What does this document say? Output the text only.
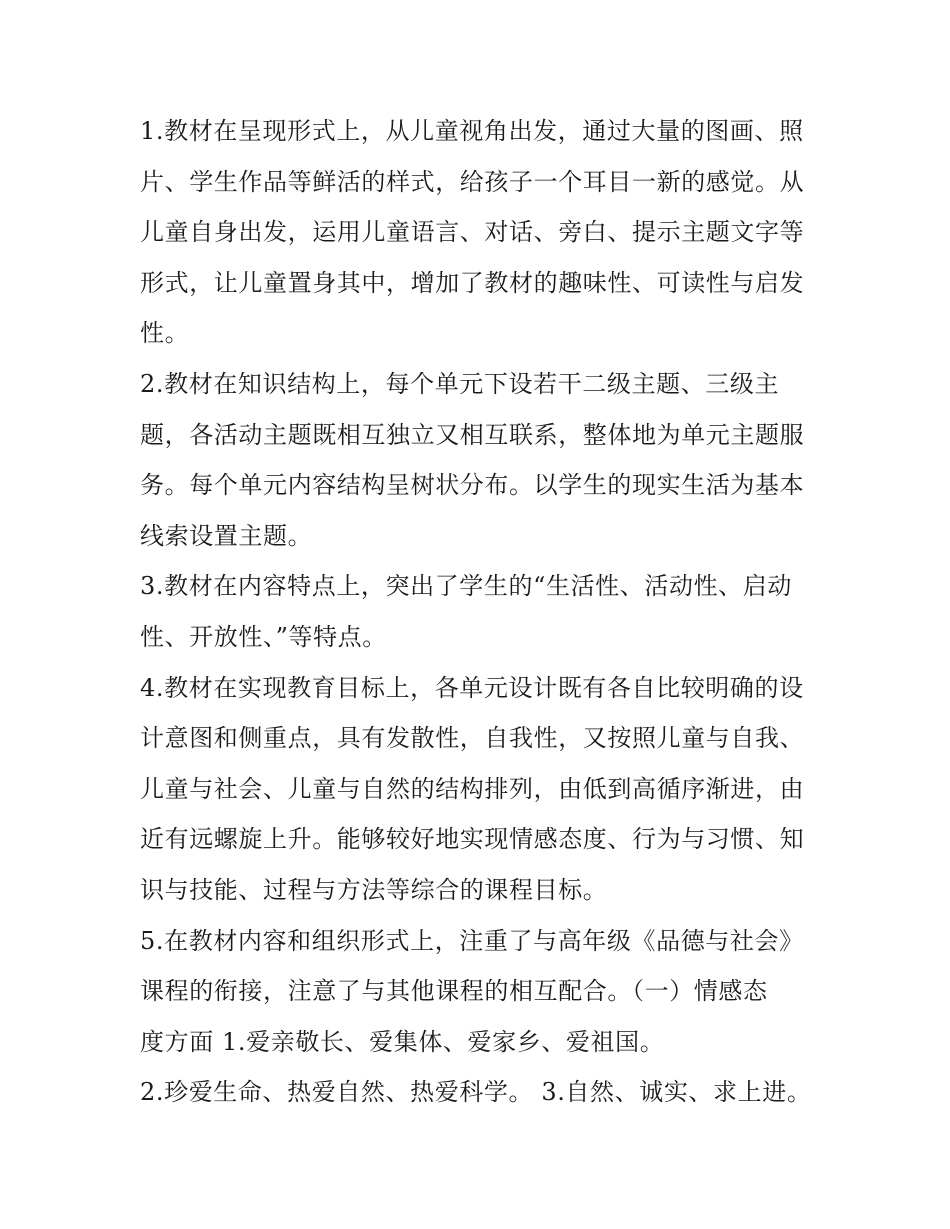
1.教材在呈现形式上，从儿童视角出发，通过大量的图画、照
片、学生作品等鲜活的样式，给孩子一个耳目一新的感觉。从
儿童自身出发，运用儿童语言、对话、旁白、提示主题文字等
形式，让儿童置身其中，增加了教材的趣味性、可读性与启发
性。
2.教材在知识结构上，每个单元下设若干二级主题、三级主
题，各活动主题既相互独立又相互联系，整体地为单元主题服
务。每个单元内容结构呈树状分布。以学生的现实生活为基本
线索设置主题。
3.教材在内容特点上，突出了学生的“生活性、活动性、启动
性、开放性、”等特点。
4.教材在实现教育目标上，各单元设计既有各自比较明确的设
计意图和侧重点，具有发散性，自我性，又按照儿童与自我、
儿童与社会、儿童与自然的结构排列，由低到高循序渐进，由
近有远螺旋上升。能够较好地实现情感态度、行为与习惯、知
识与技能、过程与方法等综合的课程目标。
5.在教材内容和组织形式上，注重了与高年级《品德与社会》
课程的衔接，注意了与其他课程的相互配合。（一）情感态
度方面 1.爱亲敬长、爱集体、爱家乡、爱祖国。
2.珍爱生命、热爱自然、热爱科学。 3.自然、诚实、求上进。
